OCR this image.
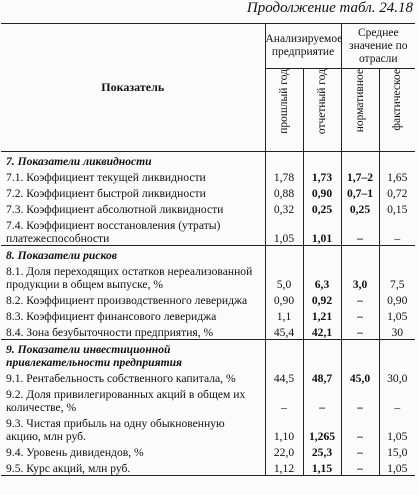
Продолжение табл. 24.18
Показатель	Анализируемое предприятие		Среднее значение по отрасли	

	прошлый год	отчетный год	нормативное	фактическое

7. Показатели ликвидности				
7.1. Коэффициент текущей ликвидности	1,78	1,73	1,7–2	1,65
7.2. Коэффициент быстрой ликвидности	0,88	0,90	0,7–1	0,72
7.3. Коэффициент абсолютной ликвидности	0,32	0,25	0,25	0,15
7.4. Коэффициент восстановления (утраты) платежеспособности	1,05	1,01	–	–
8. Показатели рисков				
8.1. Доля переходящих остатков нереализованной продукции в общем выпуске, %	5,0	6,3	3,0	7,5
8.2. Коэффициент производственного левериджа	0,90	0,92	–	0,90
8.3. Коэффициент финансового левериджа	1,1	1,21	–	1,05
8.4. Зона безубыточности предприятия, %	45,4	42,1	–	30
9. Показатели инвестиционной привлекательности предприятия				
9.1. Рентабельность собственного капитала, %	44,5	48,7	45,0	30,0
9.2. Доля привилегированных акций в общем их количестве, %	–	–	–	–
9.3. Чистая прибыль на одну обыкновенную акцию, млн руб.	1,10	1,265	–	1,05
9.4. Уровень дивидендов, %	22,0	25,3	–	15,0
9.5. Курс акций, млн руб.	1,12	1,15	–	1,05
